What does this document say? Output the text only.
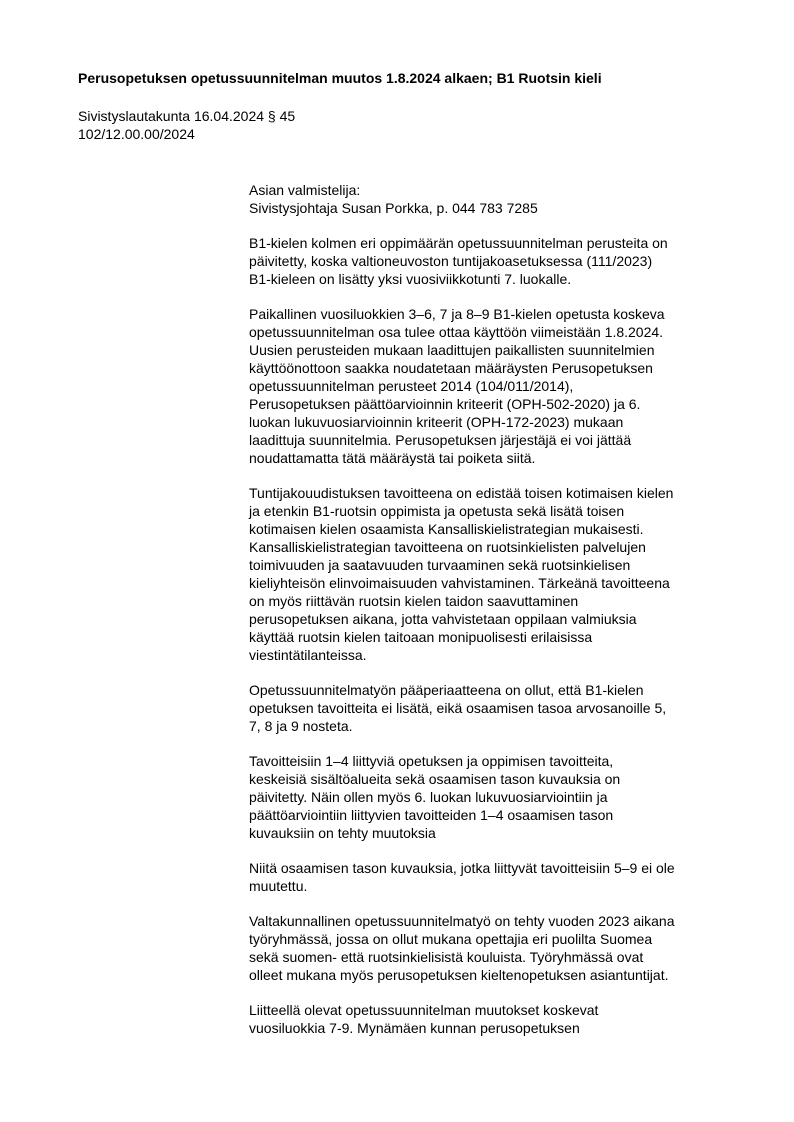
Perusopetuksen opetussuunnitelman muutos 1.8.2024 alkaen; B1 Ruotsin kieli
Sivistyslautakunta 16.04.2024 § 45
102/12.00.00/2024
Asian valmistelija:
Sivistysjohtaja Susan Porkka, p. 044 783 7285
B1-kielen kolmen eri oppimäärän opetussuunnitelman perusteita on
päivitetty, koska valtioneuvoston tuntijakoasetuksessa (111/2023)
B1-kieleen on lisätty yksi vuosiviikkotunti 7. luokalle.
Paikallinen vuosiluokkien 3–6, 7 ja 8–9 B1-kielen opetusta koskeva
opetussuunnitelman osa tulee ottaa käyttöön viimeistään 1.8.2024.
Uusien perusteiden mukaan laadittujen paikallisten suunnitelmien
käyttöönottoon saakka noudatetaan määräysten Perusopetuksen
opetussuunnitelman perusteet 2014 (104/011/2014),
Perusopetuksen päättöarvioinnin kriteerit (OPH-502-2020) ja 6.
luokan lukuvuosiarvioinnin kriteerit (OPH-172-2023) mukaan
laadittuja suunnitelmia. Perusopetuksen järjestäjä ei voi jättää
noudattamatta tätä määräystä tai poiketa siitä.
Tuntijakouudistuksen tavoitteena on edistää toisen kotimaisen kielen
ja etenkin B1-ruotsin oppimista ja opetusta sekä lisätä toisen
kotimaisen kielen osaamista Kansalliskielistrategian mukaisesti.
Kansalliskielistrategian tavoitteena on ruotsinkielisten palvelujen
toimivuuden ja saatavuuden turvaaminen sekä ruotsinkielisen
kieliyhteisön elinvoimaisuuden vahvistaminen. Tärkeänä tavoitteena
on myös riittävän ruotsin kielen taidon saavuttaminen
perusopetuksen aikana, jotta vahvistetaan oppilaan valmiuksia
käyttää ruotsin kielen taitoaan monipuolisesti erilaisissa
viestintätilanteissa.
Opetussuunnitelmatyön pääperiaatteena on ollut, että B1-kielen
opetuksen tavoitteita ei lisätä, eikä osaamisen tasoa arvosanoille 5,
7, 8 ja 9 nosteta.
Tavoitteisiin 1–4 liittyviä opetuksen ja oppimisen tavoitteita,
keskeisiä sisältöalueita sekä osaamisen tason kuvauksia on
päivitetty. Näin ollen myös 6. luokan lukuvuosiarviointiin ja
päättöarviointiin liittyvien tavoitteiden 1–4 osaamisen tason
kuvauksiin on tehty muutoksia
Niitä osaamisen tason kuvauksia, jotka liittyvät tavoitteisiin 5–9 ei ole
muutettu.
Valtakunnallinen opetussuunnitelmatyö on tehty vuoden 2023 aikana
työryhmässä, jossa on ollut mukana opettajia eri puolilta Suomea
sekä suomen- että ruotsinkielisistä kouluista. Työryhmässä ovat
olleet mukana myös perusopetuksen kieltenopetuksen asiantuntijat.
Liitteellä olevat opetussuunnitelman muutokset koskevat
vuosiluokkia 7-9. Mynämäen kunnan perusopetuksen
